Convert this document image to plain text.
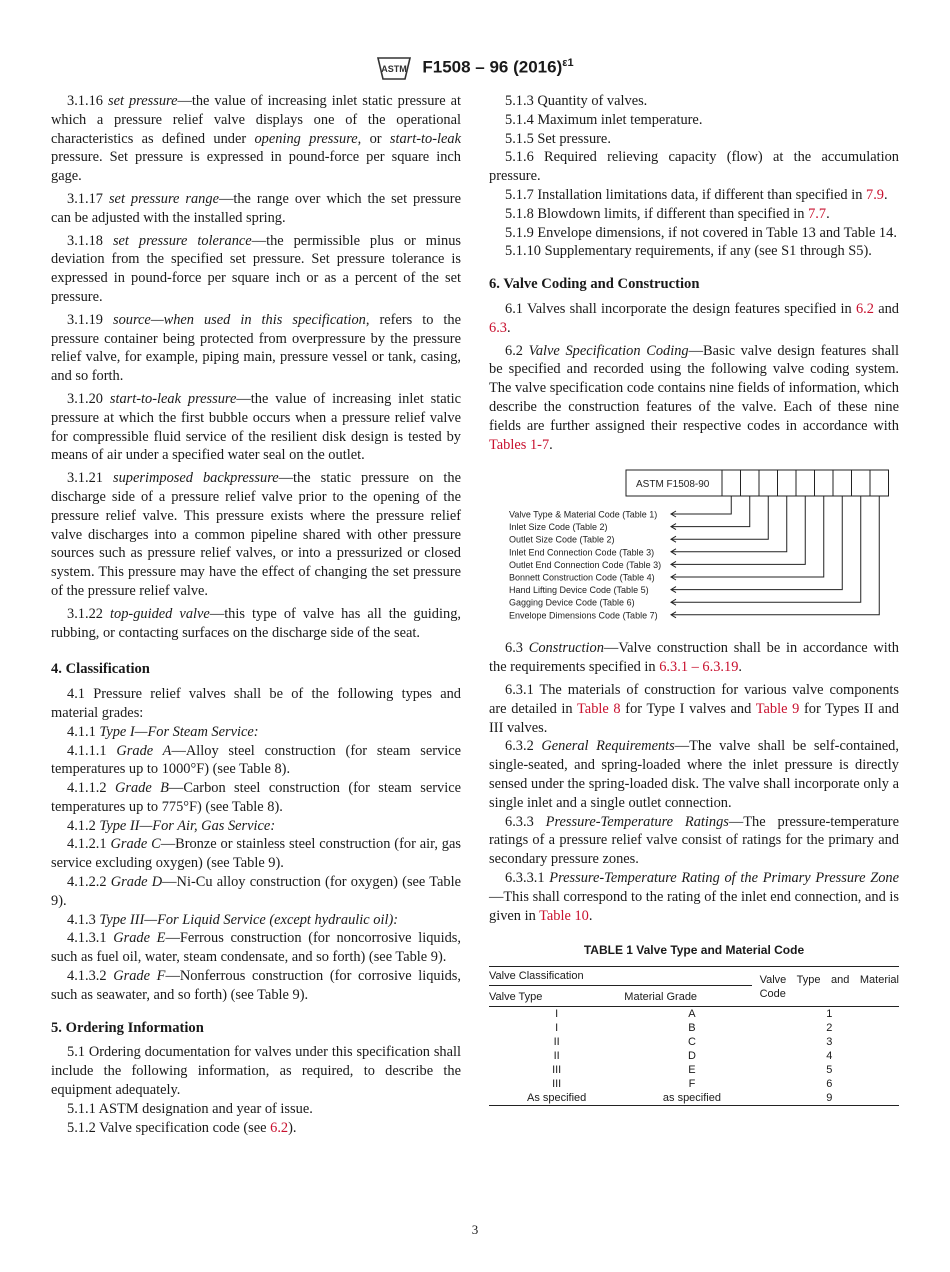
ASTM F1508 – 96 $(2016)^{\varepsilon 1}$

3.1.16 set pressure—the value of increasing inlet static pressure at which a pressure relief valve displays one of the operational characteristics as defined under opening pressure, or start-to-leak pressure. Set pressure is expressed in pound-force per square inch gage.

3.1.17 set pressure range—the range over which the set pressure can be adjusted with the installed spring.

3.1.18 set pressure tolerance—the permissible plus or minus deviation from the specified set pressure. Set pressure tolerance is expressed in pound-force per square inch or as a percent of the set pressure.

3.1.19 source—when used in this specification, refers to the pressure container being protected from overpressure by the pressure relief valve, for example, piping main, pressure vessel or tank, casing, and so forth.

3.1.20 start-to-leak pressure—the value of increasing inlet static pressure at which the first bubble occurs when a pressure relief valve for compressible fluid service of the resilient disk design is tested by means of air under a specified water seal on the outlet.

3.1.21 superimposed backpressure—the static pressure on the discharge side of a pressure relief valve prior to the opening of the pressure relief valve. This pressure exists where the pressure relief valve discharges into a common pipeline shared with other pressure sources such as pressure relief valves, or into a pressurized or closed system. This pressure may have the effect of changing the set pressure of the pressure relief valve.

3.1.22 top-guided valve—this type of valve has all the guiding, rubbing, or contacting surfaces on the discharge side of the seat.

4. Classification

4.1 Pressure relief valves shall be of the following types and material grades:

4.1.1 Type I—For Steam Service:

4.1.1.1 Grade A—Alloy steel construction (for steam service temperatures up to 1000°F) (see Table 8).

4.1.1.2 Grade B—Carbon steel construction (for steam service temperatures up to 775°F) (see Table 8).

4.1.2 Type II—For Air, Gas Service:

4.1.2.1 Grade C—Bronze or stainless steel construction (for air, gas service excluding oxygen) (see Table 9).

4.1.2.2 Grade D—Ni-Cu alloy construction (for oxygen) (see Table 9).

4.1.3 Type III—For Liquid Service (except hydraulic oil):

4.1.3.1 Grade E—Ferrous construction (for noncorrosive liquids, such as fuel oil, water, steam condensate, and so forth) (see Table 9).

4.1.3.2 Grade F—Nonferrous construction (for corrosive liquids, such as seawater, and so forth) (see Table 9).

5. Ordering Information

5.1 Ordering documentation for valves under this specification shall include the following information, as required, to describe the equipment adequately.

5.1.1 ASTM designation and year of issue.

5.1.2 Valve specification code (see 6.2).

5.1.3 Quantity of valves.

5.1.4 Maximum inlet temperature.

5.1.5 Set pressure.

5.1.6 Required relieving capacity (flow) at the accumulation pressure.

5.1.7 Installation limitations data, if different than specified in 7.9.

5.1.8 Blowdown limits, if different than specified in 7.7.

5.1.9 Envelope dimensions, if not covered in Table 13 and Table 14.

5.1.10 Supplementary requirements, if any (see S1 through S5).

6. Valve Coding and Construction

6.1 Valves shall incorporate the design features specified in 6.2 and 6.3.

6.2 Valve Specification Coding—Basic valve design features shall be specified and recorded using the following valve coding system. The valve specification code contains nine fields of information, which describe the construction features of the valve. Each of these nine fields are further assigned their respective codes in accordance with Tables 1-7.

ASTM F1508-90
Valve Type & Material Code (Table 1)
Inlet Size Code (Table 2)
Outlet Size Code (Table 2)
Inlet End Connection Code (Table 3)
Outlet End Connection Code (Table 3)
Bonnett Construction Code (Table 4)
Hand Lifting Device Code (Table 5)
Gagging Device Code (Table 6)
Envelope Dimensions Code (Table 7)

6.3 Construction—Valve construction shall be in accordance with the requirements specified in 6.3.1 – 6.3.19.

6.3.1 The materials of construction for various valve components are detailed in Table 8 for Type I valves and Table 9 for Types II and III valves.

6.3.2 General Requirements—The valve shall be self-contained, single-seated, and spring-loaded where the inlet pressure is directly sensed under the spring-loaded disk. The valve shall incorporate only a single inlet and a single outlet connection.

6.3.3 Pressure-Temperature Ratings—The pressure-temperature ratings of a pressure relief valve consist of ratings for the primary and secondary pressure zones.

6.3.3.1 Pressure-Temperature Rating of the Primary Pressure Zone—This shall correspond to the rating of the inlet end connection, and is given in Table 10.

TABLE 1 Valve Type and Material Code
Valve Classification		Valve Type and Material Code
Valve Type	Material Grade	
I	A	1
I	B	2
II	C	3
II	D	4
III	E	5
III	F	6
As specified	as specified	9
3
